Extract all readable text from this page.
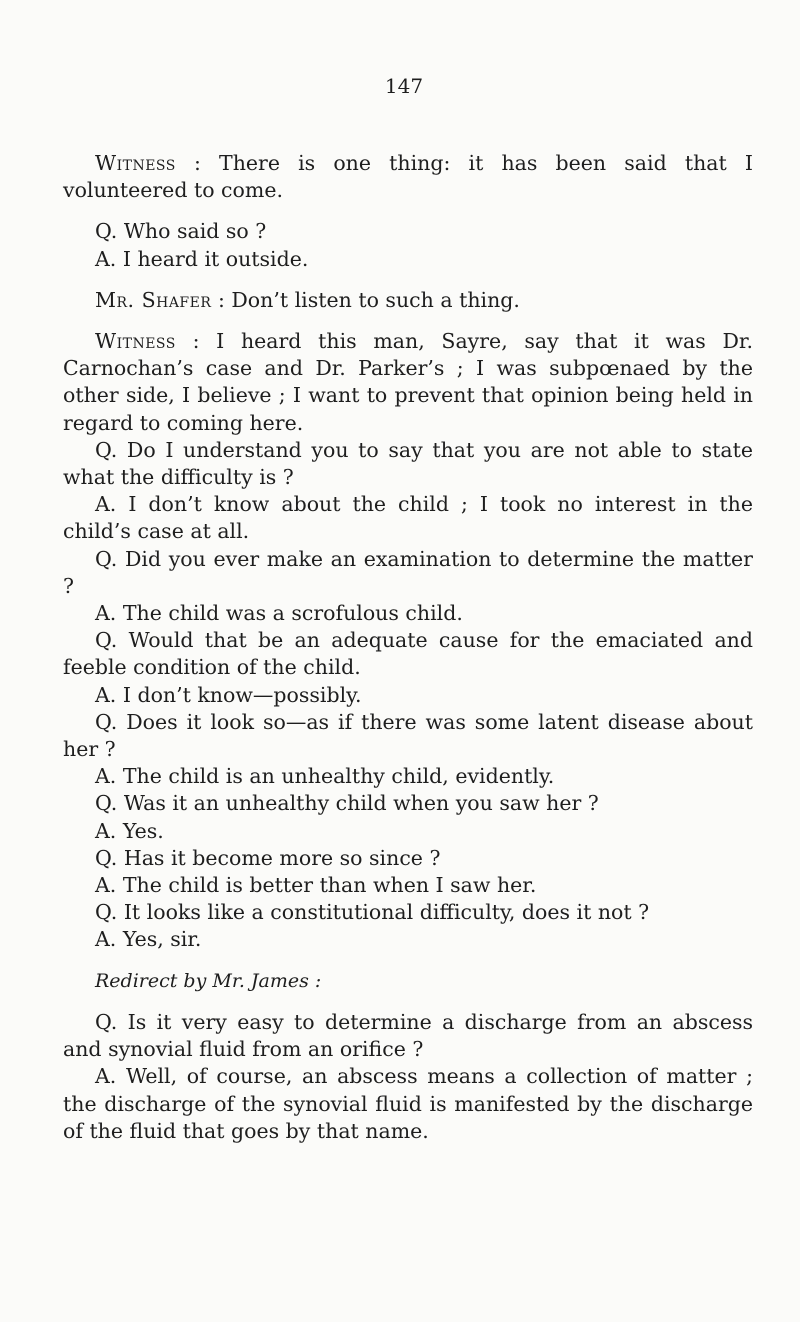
147

Witness : There is one thing: it has been said that I volunteered to come.

Q. Who said so ?

A. I heard it outside.

Mr. Shafer : Don’t listen to such a thing.

Witness : I heard this man, Sayre, say that it was Dr. Carnochan’s case and Dr. Parker’s ; I was subpœnaed by the other side, I believe ; I want to prevent that opinion being held in regard to coming here.

Q. Do I understand you to say that you are not able to state what the difficulty is ?

A. I don’t know about the child ; I took no interest in the child’s case at all.

Q. Did you ever make an examination to determine the matter ?

A. The child was a scrofulous child.

Q. Would that be an adequate cause for the emaciated and feeble condition of the child.

A. I don’t know—possibly.

Q. Does it look so—as if there was some latent disease about her ?

A. The child is an unhealthy child, evidently.

Q. Was it an unhealthy child when you saw her ?

A. Yes.

Q. Has it become more so since ?

A. The child is better than when I saw her.

Q. It looks like a constitutional difficulty, does it not ?

A. Yes, sir.

Redirect by Mr. James :

Q. Is it very easy to determine a discharge from an abscess and synovial fluid from an orifice ?

A. Well, of course, an abscess means a collection of matter ; the discharge of the synovial fluid is manifested by the discharge of the fluid that goes by that name.
